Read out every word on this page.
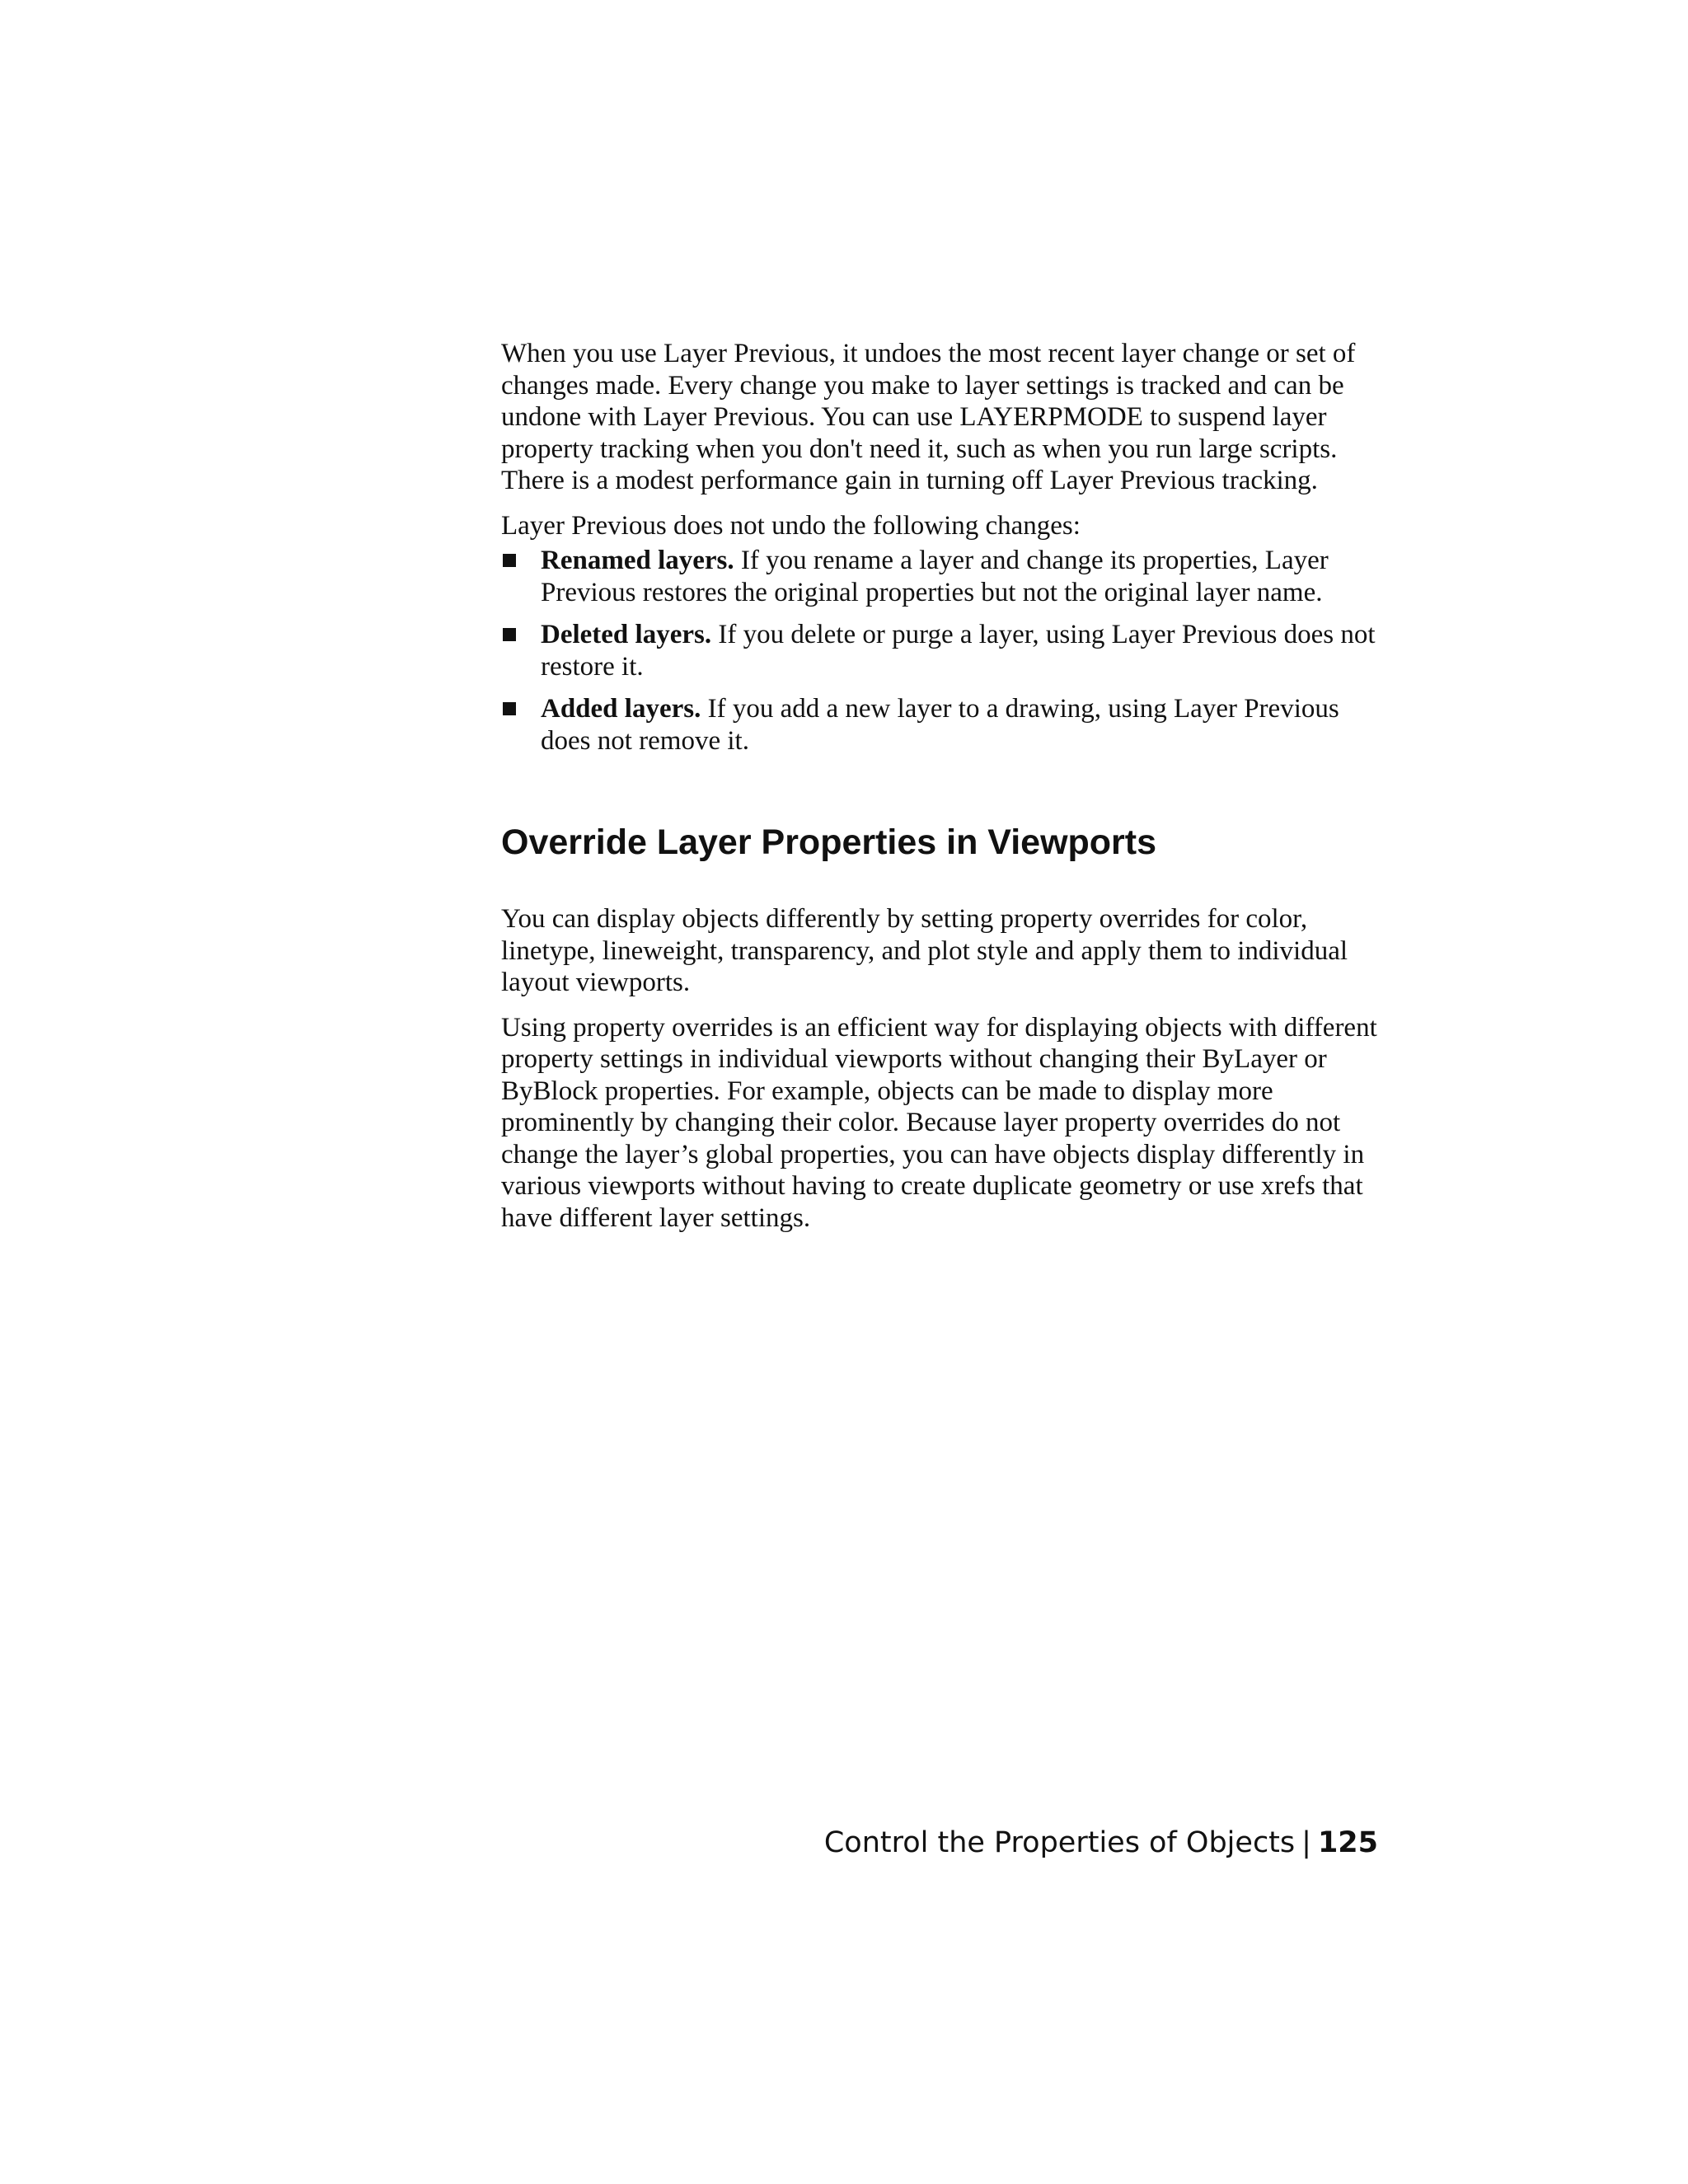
When you use Layer Previous, it undoes the most recent layer change or set of changes made. Every change you make to layer settings is tracked and can be undone with Layer Previous. You can use LAYERPMODE to suspend layer property tracking when you don't need it, such as when you run large scripts. There is a modest performance gain in turning off Layer Previous tracking.

Layer Previous does not undo the following changes:

Renamed layers. If you rename a layer and change its properties, Layer Previous restores the original properties but not the original layer name.
Deleted layers. If you delete or purge a layer, using Layer Previous does not restore it.
Added layers. If you add a new layer to a drawing, using Layer Previous does not remove it.
Override Layer Properties in Viewports

You can display objects differently by setting property overrides for color, linetype, lineweight, transparency, and plot style and apply them to individual layout viewports.

Using property overrides is an efficient way for displaying objects with different property settings in individual viewports without changing their ByLayer or ByBlock properties. For example, objects can be made to display more prominently by changing their color. Because layer property overrides do not change the layer’s global properties, you can have objects display differently in various viewports without having to create duplicate geometry or use xrefs that have different layer settings.

Control the Properties of Objects | 125
